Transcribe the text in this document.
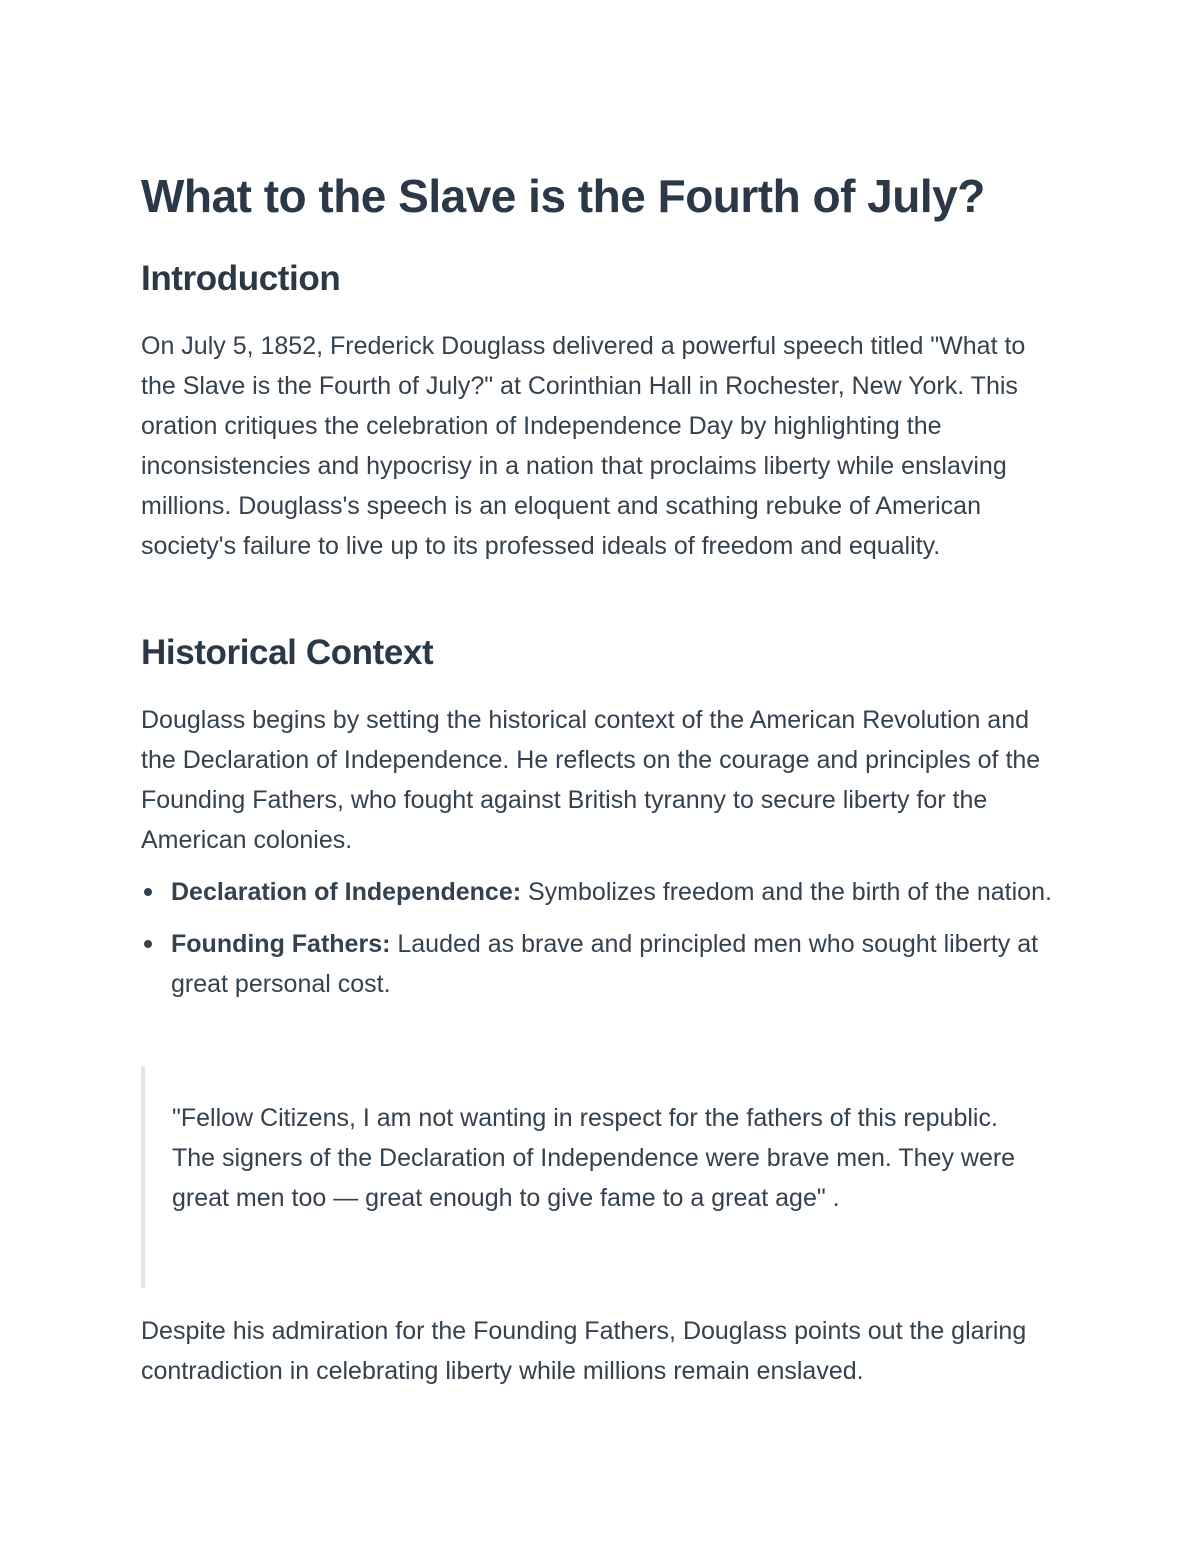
What to the Slave is the Fourth of July?
Introduction

On July 5, 1852, Frederick Douglass delivered a powerful speech titled "What to the Slave is the Fourth of July?" at Corinthian Hall in Rochester, New York. This oration critiques the celebration of Independence Day by highlighting the inconsistencies and hypocrisy in a nation that proclaims liberty while enslaving millions. Douglass's speech is an eloquent and scathing rebuke of American society's failure to live up to its professed ideals of freedom and equality.

Historical Context

Douglass begins by setting the historical context of the American Revolution and the Declaration of Independence. He reflects on the courage and principles of the Founding Fathers, who fought against British tyranny to secure liberty for the American colonies.

Declaration of Independence: Symbolizes freedom and the birth of the nation.
Founding Fathers: Lauded as brave and principled men who sought liberty at great personal cost.

"Fellow Citizens, I am not wanting in respect for the fathers of this republic. The signers of the Declaration of Independence were brave men. They were great men too — great enough to give fame to a great age" .

Despite his admiration for the Founding Fathers, Douglass points out the glaring contradiction in celebrating liberty while millions remain enslaved.
